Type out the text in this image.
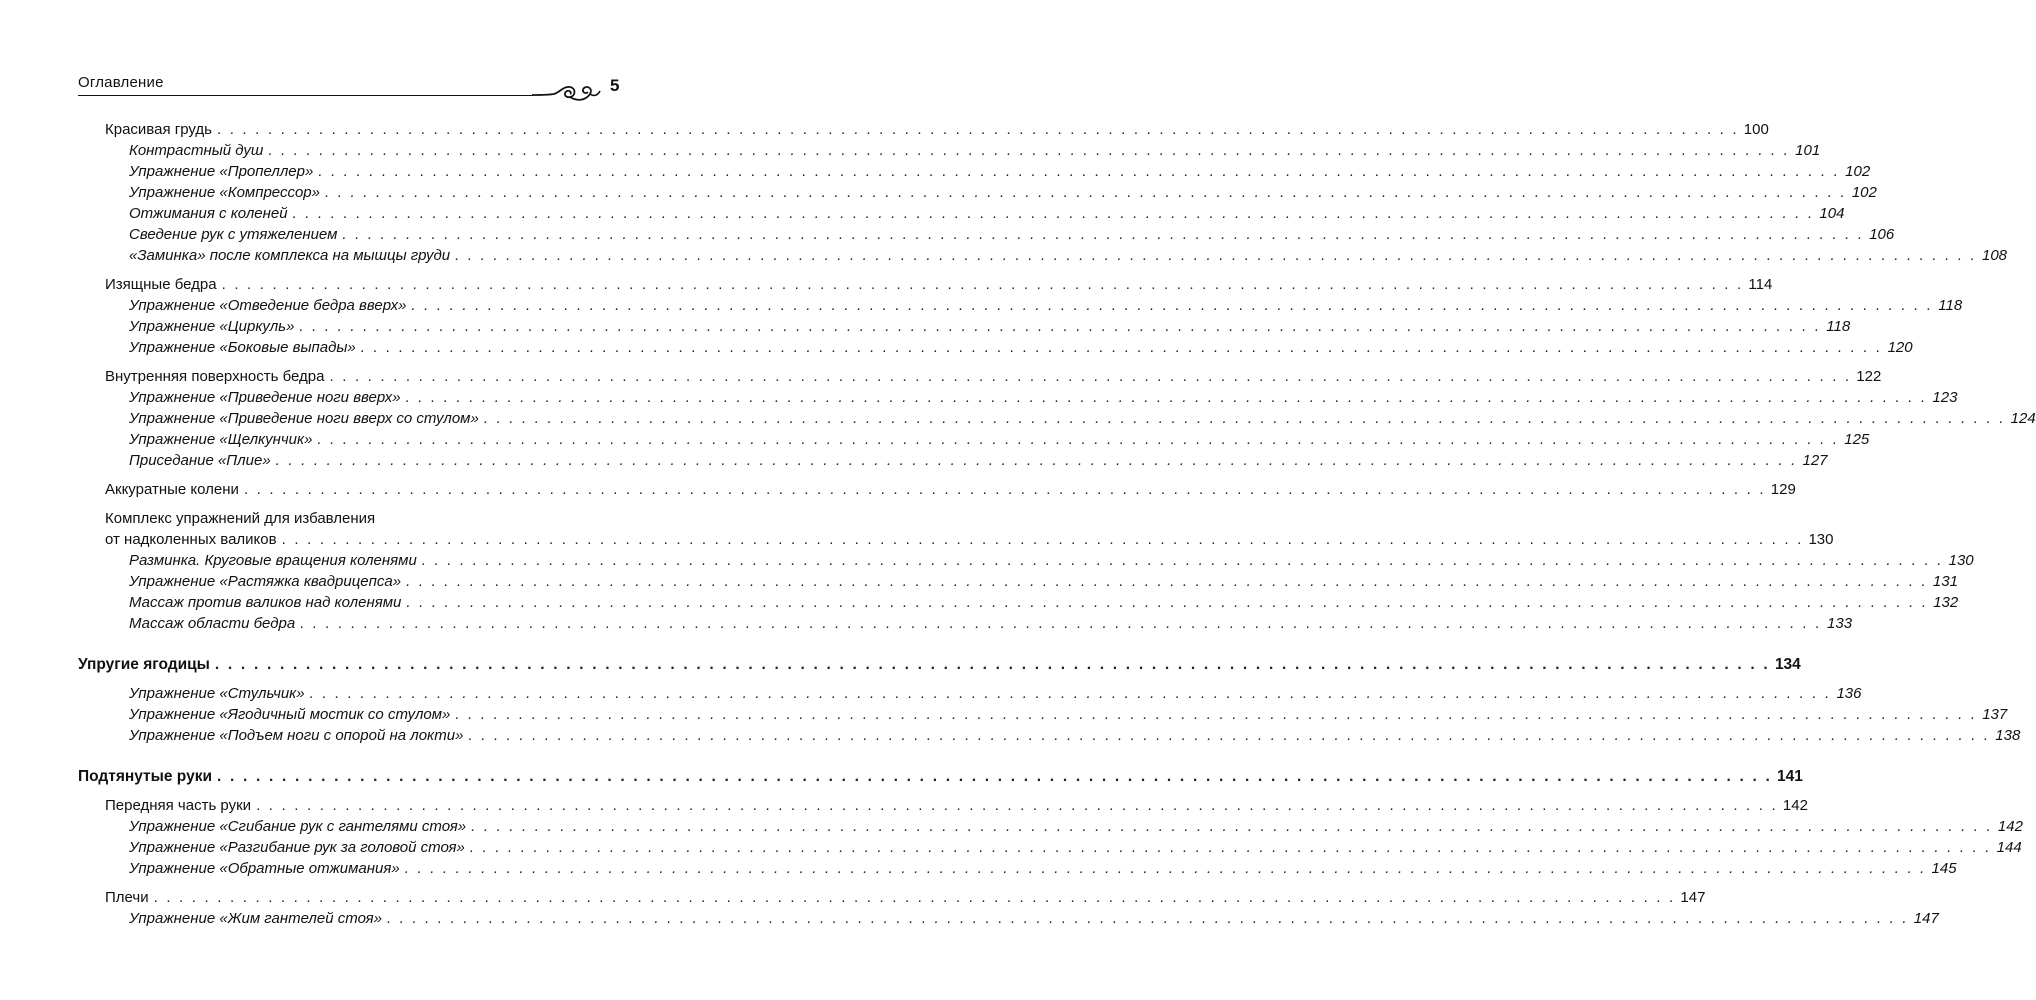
Оглавление	5
Красивая грудь . . . . . . . . . . . . . . . . . . . . . . . . . . . . . . . . . . . . . . . . . . . . . . . . . . . . . . . . . . . . . . . . . . . . . . . . . . . . . . . . . . . . . . . . . . . . . . . . . . . . . . . . . . . . . . . . . . . . . . . . 100
Контрастный душ . . . . . . . . . . . . . . . . . . . . . . . . . . . . . . . . . . . . . . . . . . . . . . . . . . . . . . . . . . . . . . . . . . . . . . . . . . . . . . . . . . . . . . . . . . . . . . . . . . . . . . . . . . . . . . . . . . . . . . . . 101
Упражнение «Пропеллер» . . . . . . . . . . . . . . . . . . . . . . . . . . . . . . . . . . . . . . . . . . . . . . . . . . . . . . . . . . . . . . . . . . . . . . . . . . . . . . . . . . . . . . . . . . . . . . . . . . . . . . . . . . . . . . . . . . . . . . . . 102
Упражнение «Компрессор» . . . . . . . . . . . . . . . . . . . . . . . . . . . . . . . . . . . . . . . . . . . . . . . . . . . . . . . . . . . . . . . . . . . . . . . . . . . . . . . . . . . . . . . . . . . . . . . . . . . . . . . . . . . . . . . . . . . . . . . . 102
Отжимания с коленей . . . . . . . . . . . . . . . . . . . . . . . . . . . . . . . . . . . . . . . . . . . . . . . . . . . . . . . . . . . . . . . . . . . . . . . . . . . . . . . . . . . . . . . . . . . . . . . . . . . . . . . . . . . . . . . . . . . . . . . . 104
Сведение рук с утяжелением . . . . . . . . . . . . . . . . . . . . . . . . . . . . . . . . . . . . . . . . . . . . . . . . . . . . . . . . . . . . . . . . . . . . . . . . . . . . . . . . . . . . . . . . . . . . . . . . . . . . . . . . . . . . . . . . . . . . . . . . 106
«Заминка» после комплекса на мышцы груди . . . . . . . . . . . . . . . . . . . . . . . . . . . . . . . . . . . . . . . . . . . . . . . . . . . . . . . . . . . . . . . . . . . . . . . . . . . . . . . . . . . . . . . . . . . . . . . . . . . . . . . . . . . . . . . . . . . . . . . . 108
Изящные бедра . . . . . . . . . . . . . . . . . . . . . . . . . . . . . . . . . . . . . . . . . . . . . . . . . . . . . . . . . . . . . . . . . . . . . . . . . . . . . . . . . . . . . . . . . . . . . . . . . . . . . . . . . . . . . . . . . . . . . . . . 114
Упражнение «Отведение бедра вверх» . . . . . . . . . . . . . . . . . . . . . . . . . . . . . . . . . . . . . . . . . . . . . . . . . . . . . . . . . . . . . . . . . . . . . . . . . . . . . . . . . . . . . . . . . . . . . . . . . . . . . . . . . . . . . . . . . . . . . . . . 118
Упражнение «Циркуль» . . . . . . . . . . . . . . . . . . . . . . . . . . . . . . . . . . . . . . . . . . . . . . . . . . . . . . . . . . . . . . . . . . . . . . . . . . . . . . . . . . . . . . . . . . . . . . . . . . . . . . . . . . . . . . . . . . . . . . . . 118
Упражнение «Боковые выпады» . . . . . . . . . . . . . . . . . . . . . . . . . . . . . . . . . . . . . . . . . . . . . . . . . . . . . . . . . . . . . . . . . . . . . . . . . . . . . . . . . . . . . . . . . . . . . . . . . . . . . . . . . . . . . . . . . . . . . . . . 120
Внутренняя поверхность бедра . . . . . . . . . . . . . . . . . . . . . . . . . . . . . . . . . . . . . . . . . . . . . . . . . . . . . . . . . . . . . . . . . . . . . . . . . . . . . . . . . . . . . . . . . . . . . . . . . . . . . . . . . . . . . . . . . . . . . . . . 122
Упражнение «Приведение ноги вверх» . . . . . . . . . . . . . . . . . . . . . . . . . . . . . . . . . . . . . . . . . . . . . . . . . . . . . . . . . . . . . . . . . . . . . . . . . . . . . . . . . . . . . . . . . . . . . . . . . . . . . . . . . . . . . . . . . . . . . . . . 123
Упражнение «Приведение ноги вверх со стулом» . . . . . . . . . . . . . . . . . . . . . . . . . . . . . . . . . . . . . . . . . . . . . . . . . . . . . . . . . . . . . . . . . . . . . . . . . . . . . . . . . . . . . . . . . . . . . . . . . . . . . . . . . . . . . . . . . . . . . . . . 124
Упражнение «Щелкунчик» . . . . . . . . . . . . . . . . . . . . . . . . . . . . . . . . . . . . . . . . . . . . . . . . . . . . . . . . . . . . . . . . . . . . . . . . . . . . . . . . . . . . . . . . . . . . . . . . . . . . . . . . . . . . . . . . . . . . . . . . 125
Приседание «Плие» . . . . . . . . . . . . . . . . . . . . . . . . . . . . . . . . . . . . . . . . . . . . . . . . . . . . . . . . . . . . . . . . . . . . . . . . . . . . . . . . . . . . . . . . . . . . . . . . . . . . . . . . . . . . . . . . . . . . . . . . 127
Аккуратные колени . . . . . . . . . . . . . . . . . . . . . . . . . . . . . . . . . . . . . . . . . . . . . . . . . . . . . . . . . . . . . . . . . . . . . . . . . . . . . . . . . . . . . . . . . . . . . . . . . . . . . . . . . . . . . . . . . . . . . . . . 129
Комплекс упражнений для избавления
от надколенных валиков . . . . . . . . . . . . . . . . . . . . . . . . . . . . . . . . . . . . . . . . . . . . . . . . . . . . . . . . . . . . . . . . . . . . . . . . . . . . . . . . . . . . . . . . . . . . . . . . . . . . . . . . . . . . . . . . . . . . . . . . 130
Разминка. Круговые вращения коленями . . . . . . . . . . . . . . . . . . . . . . . . . . . . . . . . . . . . . . . . . . . . . . . . . . . . . . . . . . . . . . . . . . . . . . . . . . . . . . . . . . . . . . . . . . . . . . . . . . . . . . . . . . . . . . . . . . . . . . . . 130
Упражнение «Растяжка квадрицепса» . . . . . . . . . . . . . . . . . . . . . . . . . . . . . . . . . . . . . . . . . . . . . . . . . . . . . . . . . . . . . . . . . . . . . . . . . . . . . . . . . . . . . . . . . . . . . . . . . . . . . . . . . . . . . . . . . . . . . . . . 131
Массаж против валиков над коленями . . . . . . . . . . . . . . . . . . . . . . . . . . . . . . . . . . . . . . . . . . . . . . . . . . . . . . . . . . . . . . . . . . . . . . . . . . . . . . . . . . . . . . . . . . . . . . . . . . . . . . . . . . . . . . . . . . . . . . . . 132
Массаж области бедра . . . . . . . . . . . . . . . . . . . . . . . . . . . . . . . . . . . . . . . . . . . . . . . . . . . . . . . . . . . . . . . . . . . . . . . . . . . . . . . . . . . . . . . . . . . . . . . . . . . . . . . . . . . . . . . . . . . . . . . . 133
Упругие ягодицы . . . . . . . . . . . . . . . . . . . . . . . . . . . . . . . . . . . . . . . . . . . . . . . . . . . . . . . . . . . . . . . . . . . . . . . . . . . . . . . . . . . . . . . . . . . . . . . . . . . . . . . . . . . . . . . . . . . . . . . . 134
Упражнение «Стульчик» . . . . . . . . . . . . . . . . . . . . . . . . . . . . . . . . . . . . . . . . . . . . . . . . . . . . . . . . . . . . . . . . . . . . . . . . . . . . . . . . . . . . . . . . . . . . . . . . . . . . . . . . . . . . . . . . . . . . . . . . 136
Упражнение «Ягодичный мостик со стулом» . . . . . . . . . . . . . . . . . . . . . . . . . . . . . . . . . . . . . . . . . . . . . . . . . . . . . . . . . . . . . . . . . . . . . . . . . . . . . . . . . . . . . . . . . . . . . . . . . . . . . . . . . . . . . . . . . . . . . . . . 137
Упражнение «Подъем ноги с опорой на локти» . . . . . . . . . . . . . . . . . . . . . . . . . . . . . . . . . . . . . . . . . . . . . . . . . . . . . . . . . . . . . . . . . . . . . . . . . . . . . . . . . . . . . . . . . . . . . . . . . . . . . . . . . . . . . . . . . . . . . . . . 138
Подтянутые руки . . . . . . . . . . . . . . . . . . . . . . . . . . . . . . . . . . . . . . . . . . . . . . . . . . . . . . . . . . . . . . . . . . . . . . . . . . . . . . . . . . . . . . . . . . . . . . . . . . . . . . . . . . . . . . . . . . . . . . . . 141
Передняя часть руки . . . . . . . . . . . . . . . . . . . . . . . . . . . . . . . . . . . . . . . . . . . . . . . . . . . . . . . . . . . . . . . . . . . . . . . . . . . . . . . . . . . . . . . . . . . . . . . . . . . . . . . . . . . . . . . . . . . . . . . . 142
Упражнение «Сгибание рук с гантелями стоя» . . . . . . . . . . . . . . . . . . . . . . . . . . . . . . . . . . . . . . . . . . . . . . . . . . . . . . . . . . . . . . . . . . . . . . . . . . . . . . . . . . . . . . . . . . . . . . . . . . . . . . . . . . . . . . . . . . . . . . . . 142
Упражнение «Разгибание рук за головой стоя» . . . . . . . . . . . . . . . . . . . . . . . . . . . . . . . . . . . . . . . . . . . . . . . . . . . . . . . . . . . . . . . . . . . . . . . . . . . . . . . . . . . . . . . . . . . . . . . . . . . . . . . . . . . . . . . . . . . . . . . . 144
Упражнение «Обратные отжимания» . . . . . . . . . . . . . . . . . . . . . . . . . . . . . . . . . . . . . . . . . . . . . . . . . . . . . . . . . . . . . . . . . . . . . . . . . . . . . . . . . . . . . . . . . . . . . . . . . . . . . . . . . . . . . . . . . . . . . . . . 145
Плечи . . . . . . . . . . . . . . . . . . . . . . . . . . . . . . . . . . . . . . . . . . . . . . . . . . . . . . . . . . . . . . . . . . . . . . . . . . . . . . . . . . . . . . . . . . . . . . . . . . . . . . . . . . . . . . . . . . . . . . . . 147
Упражнение «Жим гантелей стоя» . . . . . . . . . . . . . . . . . . . . . . . . . . . . . . . . . . . . . . . . . . . . . . . . . . . . . . . . . . . . . . . . . . . . . . . . . . . . . . . . . . . . . . . . . . . . . . . . . . . . . . . . . . . . . . . . . . . . . . . . 147
